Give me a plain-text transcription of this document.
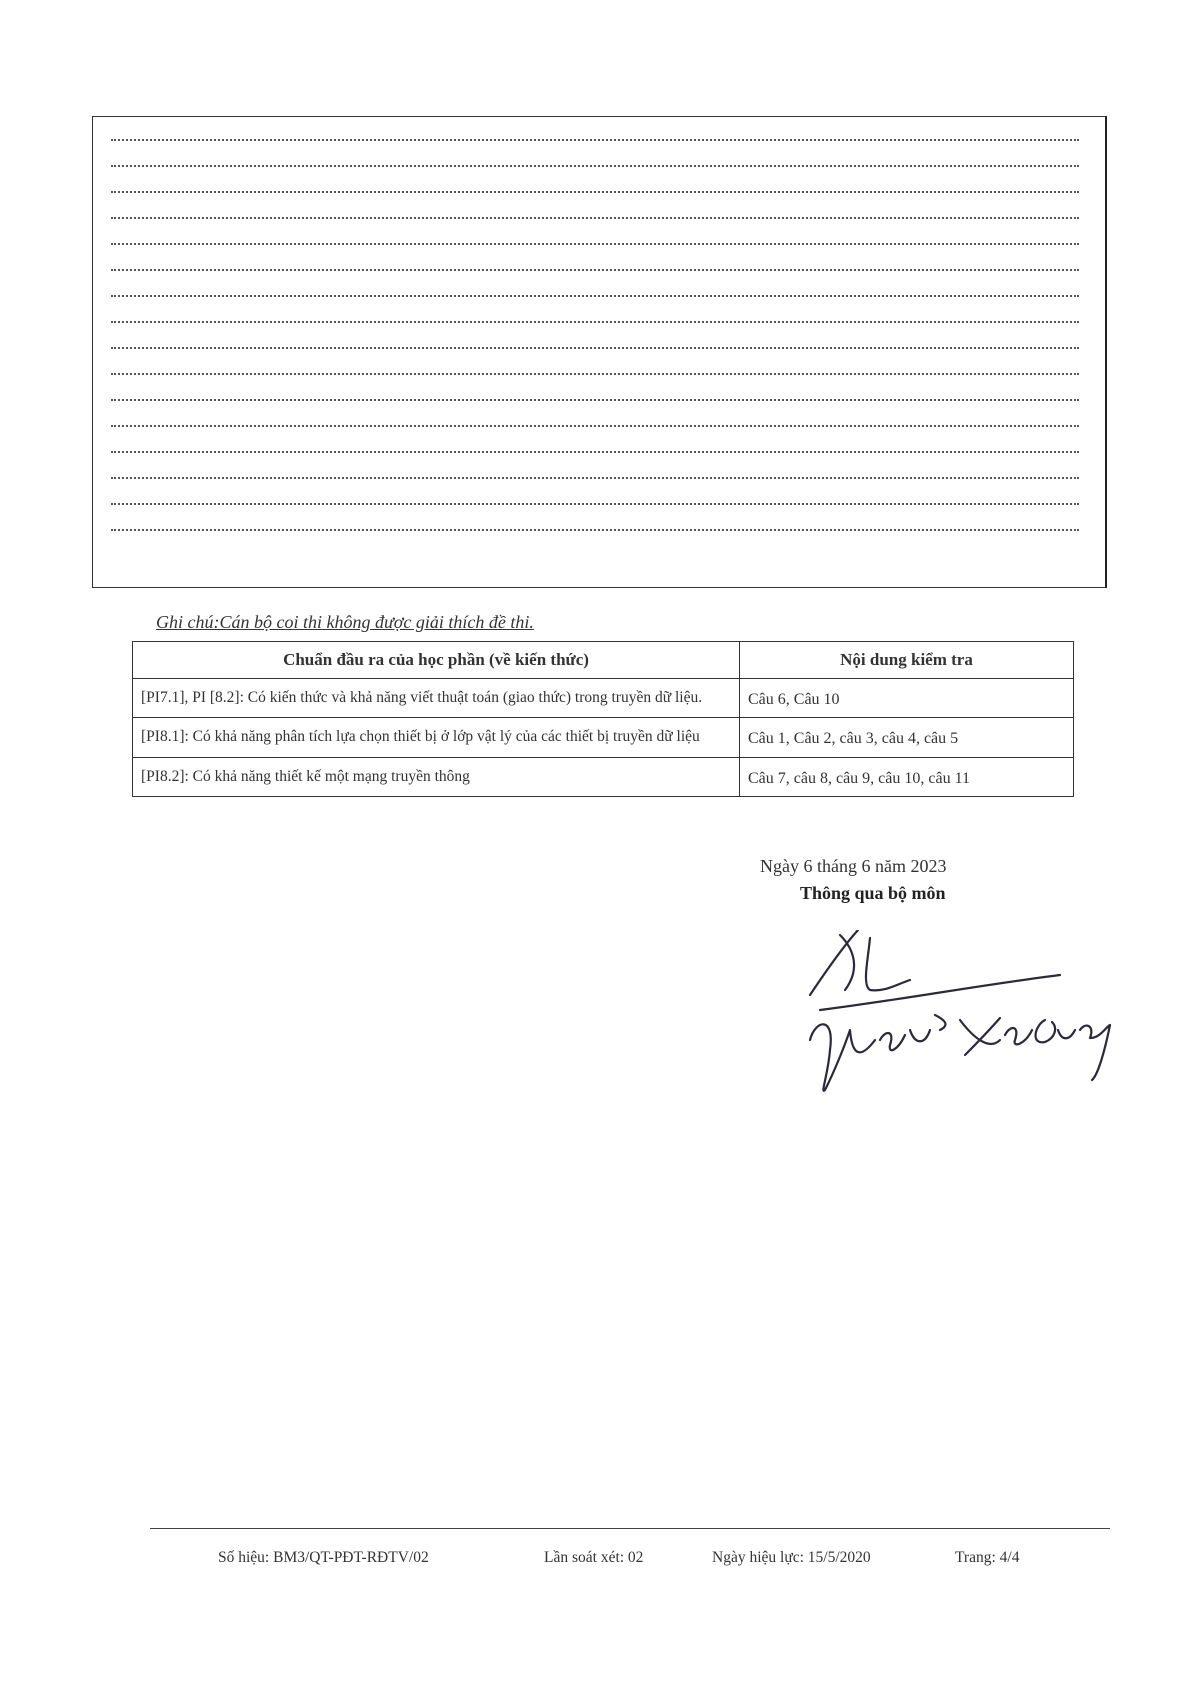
Ghi chú:Cán bộ coi thi không được giải thích đề thi.
Chuẩn đầu ra của học phần (về kiến thức)	Nội dung kiểm tra
[PI7.1], PI [8.2]: Có kiến thức và khả năng viết thuật toán (giao thức) trong truyền dữ liệu.	Câu 6, Câu 10
[PI8.1]: Có khả năng phân tích lựa chọn thiết bị ở lớp vật lý của các thiết bị truyền dữ liệu	Câu 1, Câu 2, câu 3, câu 4, câu 5
[PI8.2]: Có khả năng thiết kế một mạng truyền thông	Câu 7, câu 8, câu 9, câu 10, câu 11
Ngày 6 tháng 6 năm 2023
Thông qua bộ môn
Số hiệu: BM3/QT-PĐT-RĐTV/02	Lần soát xét: 02	Ngày hiệu lực: 15/5/2020	Trang: 4/4
